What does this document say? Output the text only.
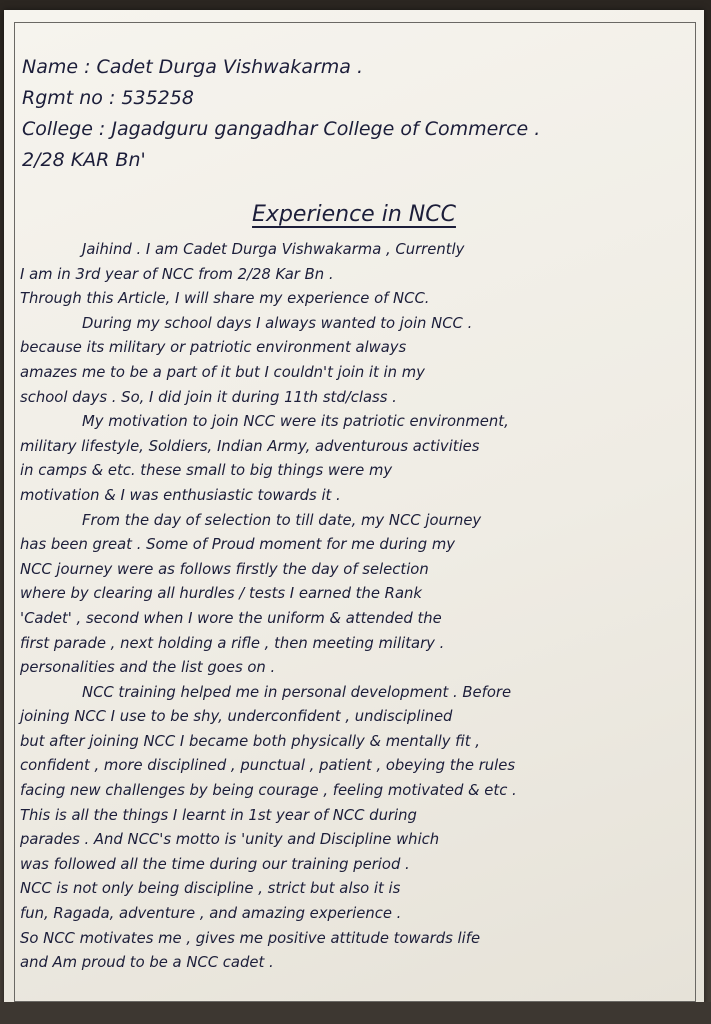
Name : Cadet Durga Vishwakarma .
Rgmt no : 535258
College : Jagadguru gangadhar College of Commerce .
2/28 KAR Bn'
Experience in NCC
Jaihind . I am Cadet Durga Vishwakarma , Currently
I am in 3rd year of NCC from 2/28 Kar Bn .
Through this Article, I will share my experience of NCC.
During my school days I always wanted to join NCC .
because its military or patriotic environment always
amazes me to be a part of it but I couldn't join it in my
school days . So, I did join it during 11th std/class .
My motivation to join NCC were its patriotic environment,
military lifestyle, Soldiers, Indian Army, adventurous activities
in camps & etc. these small to big things were my
motivation & I was enthusiastic towards it .
From the day of selection to till date, my NCC journey
has been great . Some of Proud moment for me during my
NCC journey were as follows firstly the day of selection
where by clearing all hurdles / tests I earned the Rank
'Cadet' , second when I wore the uniform & attended the
first parade , next holding a rifle , then meeting military .
personalities and the list goes on .
NCC training helped me in personal development . Before
joining NCC I use to be shy, underconfident , undisciplined
but after joining NCC I became both physically & mentally fit ,
confident , more disciplined , punctual , patient , obeying the rules
facing new challenges by being courage , feeling motivated & etc .
This is all the things I learnt in 1st year of NCC during
parades . And NCC's motto is 'unity and Discipline which
was followed all the time during our training period .
NCC is not only being discipline , strict but also it is
fun, Ragada, adventure , and amazing experience .
So NCC motivates me , gives me positive attitude towards life
and Am proud to be a NCC cadet .
